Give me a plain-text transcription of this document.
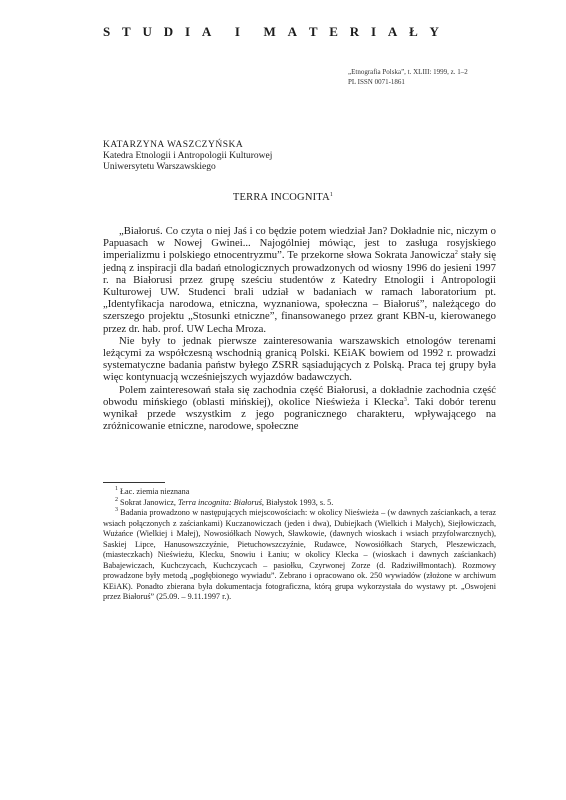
S T U D I A I M A T E R I A Ł Y
„Etnografia Polska”, t. XLIII: 1999, z. 1–2
PL ISSN 0071-1861
KATARZYNA WASZCZYŃSKA
Katedra Etnologii i Antropologii Kulturowej
Uniwersytetu Warszawskiego
TERRA INCOGNITA$^1$

„Białoruś. Co czyta o niej Jaś i co będzie potem wiedział Jan? Dokładnie nic, niczym o Papuasach w Nowej Gwinei... Najogólniej mówiąc, jest to zasługa rosyjskiego imperializmu i polskiego etnocentryzmu”. Te przekorne słowa Sokrata Janowicza$^2$ stały się jedną z inspiracji dla badań etnologicznych prowadzonych od wiosny 1996 do jesieni 1997 r. na Białorusi przez grupę sześciu studentów z Katedry Etnologii i Antropologii Kulturowej UW. Studenci brali udział w badaniach w ramach laboratorium pt. „Identyfikacja narodowa, etniczna, wyznaniowa, społeczna – Białoruś”, należącego do szerszego projektu „Stosunki etniczne”, finansowanego przez grant KBN-u, kierowanego przez dr. hab. prof. UW Lecha Mroza.

Nie były to jednak pierwsze zainteresowania warszawskich etnologów terenami leżącymi za współczesną wschodnią granicą Polski. KEiAK bowiem od 1992 r. prowadzi systematyczne badania państw byłego ZSRR sąsiadujących z Polską. Praca tej grupy była więc kontynuacją wcześniejszych wyjazdów badawczych.

Polem zainteresowań stała się zachodnia część Białorusi, a dokładnie zachodnia część obwodu mińskiego (oblasti mińskiej), okolice Nieświeża i Klecka$^3$. Taki dobór terenu wynikał przede wszystkim z jego pogranicznego charakteru, wpływającego na zróżnicowanie etniczne, narodowe, społeczne

$^1$ Łac. ziemia nieznana

$^2$ Sokrat Janowicz, Terra incognita: Białoruś, Białystok 1993, s. 5.

$^3$ Badania prowadzono w następujących miejscowościach: w okolicy Nieświeża – (w dawnych zaściankach, a teraz wsiach połączonych z zaściankami) Kuczanowiczach (jeden i dwa), Dubiejkach (Wielkich i Małych), Siejłowiczach, Wużańce (Wielkiej i Małej), Nowosiółkach Nowych, Sławkowie, (dawnych wioskach i wsiach przyfolwarcznych), Saskiej Lipce, Hanusowszczyźnie, Pietuchowszczyźnie, Rudawce, Nowosiółkach Starych, Pleszewiczach, (miasteczkach) Nieświeżu, Klecku, Snowiu i Łaniu; w okolicy Klecka – (wioskach i dawnych zaściankach) Babajewiczach, Kuchczycach, Kuchczycach – pasiołku, Czyrwonej Zorze (d. Radziwiłłmontach). Rozmowy prowadzone były metodą „pogłębionego wywiadu”. Zebrano i opracowano ok. 250 wywiadów (złożone w archiwum KEiAK). Ponadto zbierana była dokumentacja fotograficzna, którą grupa wykorzystała do wystawy pt. „Oswojeni przez Białoruś” (25.09. – 9.11.1997 r.).
